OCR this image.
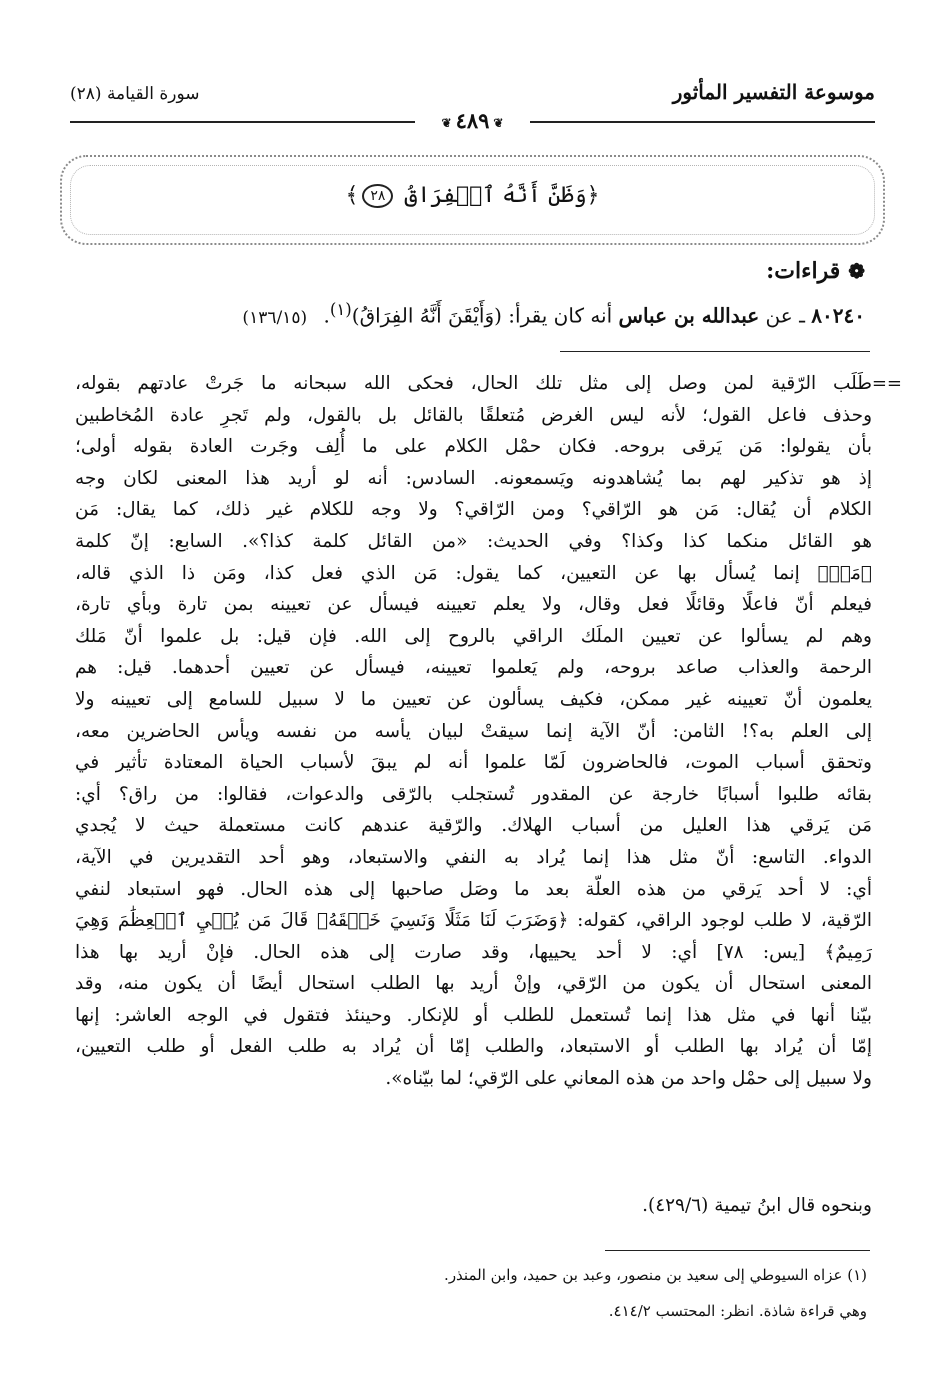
موسوعة التفسير المأثور
سورة القيامة (٢٨)
❦٤٨٩❦
﴿وَظَنَّ أَنَّهُ ٱلۡفِرَاقُ ٢٨﴾
❁قراءات:
٨٠٢٤٠ ـ عن عبدالله بن عباس أنه كان يقرأ: (وَأَيْقَنَ أَنَّهُ الفِرَاقُ)$^{(١)}$. (١٣٦/١٥)
==
طَلَب الرّقية لمن وصل إلى مثل تلك الحال، فحكى الله سبحانه ما جَرتْ عادتهم بقوله،
وحذف فاعل القول؛ لأنه ليس الغرض مُتعلقًا بالقائل بل بالقول، ولم تَجرِ عادة المُخاطبين
بأن يقولوا: مَن يَرقى بروحه. فكان حمْل الكلام على ما أُلِف وجَرت العادة بقوله أولى؛
إذ هو تذكير لهم بما يُشاهدونه ويَسمعونه. السادس: أنه لو أريد هذا المعنى لكان وجه
الكلام أن يُقال: مَن هو الرّاقي؟ ومن الرّاقي؟ ولا وجه للكلام غير ذلك، كما يقال: مَن
هو القائل منكما كذا وكذا؟ وفي الحديث: «من القائل كلمة كذا؟». السابع: إنّ كلمة
﴿مَنۡ﴾ إنما يُسأل بها عن التعيين، كما يقول: مَن الذي فعل كذا، ومَن ذا الذي قاله،
فيعلم أنّ فاعلًا وقائلًا فعل وقال، ولا يعلم تعيينه فيسأل عن تعيينه بمن تارة وبأي تارة،
وهم لم يسألوا عن تعيين الملَك الراقي بالروح إلى الله. فإن قيل: بل علموا أنّ مَلك
الرحمة والعذاب صاعد بروحه، ولم يَعلموا تعيينه، فيسأل عن تعيين أحدهما. قيل: هم
يعلمون أنّ تعيينه غير ممكن، فكيف يسألون عن تعيين ما لا سبيل للسامع إلى تعيينه ولا
إلى العلم به؟! الثامن: أنّ الآية إنما سيقتْ لبيان يأسه من نفسه ويأس الحاضرين معه،
وتحقق أسباب الموت، فالحاضرون لَمّا علموا أنه لم يبقَ لأسباب الحياة المعتادة تأثير في
بقائه طلبوا أسبابًا خارجة عن المقدور تُستجلب بالرّقى والدعوات، فقالوا: من راق؟ أي:
مَن يَرقي هذا العليل من أسباب الهلاك. والرّقية عندهم كانت مستعملة حيث لا يُجدي
الدواء. التاسع: أنّ مثل هذا إنما يُراد به النفي والاستبعاد، وهو أحد التقديرين في الآية،
أي: لا أحد يَرقي من هذه العلّة بعد ما وصَل صاحبها إلى هذه الحال. فهو استبعاد لنفي
الرّقية، لا طلب لوجود الراقي، كقوله: ﴿وَضَرَبَ لَنَا مَثَلًا وَنَسِيَ خَلۡقَهُۥ قَالَ مَن يُحۡيِ ٱلۡعِظَٰمَ وَهِيَ
رَمِيمٌ﴾ [يس: ٧٨] أي: لا أحد يحييها، وقد صارت إلى هذه الحال. فإنْ أريد بها هذا
المعنى استحال أن يكون من الرّقي، وإنْ أريد بها الطلب استحال أيضًا أن يكون منه، وقد
بيّنا أنها في مثل هذا إنما تُستعمل للطلب أو للإنكار. وحينئذ فتقول في الوجه العاشر: إنها
إمّا أن يُراد بها الطلب أو الاستبعاد، والطلب إمّا أن يُراد به طلب الفعل أو طلب التعيين،
ولا سبيل إلى حمْل واحد من هذه المعاني على الرّقي؛ لما بيّناه».
وبنحوه قال ابنُ تيمية (٤٢٩/٦).
(١) عزاه السيوطي إلى سعيد بن منصور، وعبد بن حميد، وابن المنذر.
وهي قراءة شاذة. انظر: المحتسب ٤١٤/٢.
